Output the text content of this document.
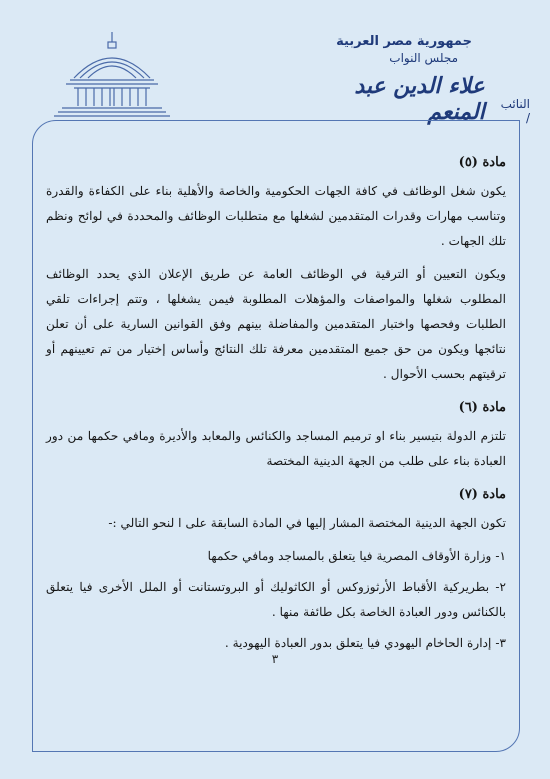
جمهورية مصر العربية
مجلس النواب
النائب /
علاء الدين عبد المنعم
مادة (٥)

يكون شغل الوظائف في كافة الجهات الحكومية والخاصة والأهلية بناء على الكفاءة والقدرة وتناسب مهارات وقدرات المتقدمين لشغلها مع متطلبات الوظائف والمحددة في لوائح ونظم تلك الجهات .

ويكون التعيين أو الترقية في الوظائف العامة عن طريق الإعلان الذي يحدد الوظائف المطلوب شغلها والمواصفات والمؤهلات المطلوبة فيمن يشغلها ، وتتم إجراءات تلقي الطلبات وفحصها واختبار المتقدمين والمفاضلة بينهم وفق القوانين السارية على أن تعلن نتائجها ويكون من حق جميع المتقدمين معرفة تلك النتائج وأساس إختيار من تم تعيينهم أو ترقيتهم بحسب الأحوال .

مادة (٦)

تلتزم الدولة بتيسير بناء او ترميم المساجد والكنائس والمعابد والأديرة ومافي حكمها من دور العبادة بناء على طلب من الجهة الدينية المختصة

مادة (٧)

تكون الجهة الدينية المختصة المشار إليها في المادة السابقة على ا لنحو التالي :-

١- وزارة الأوقاف المصرية فيا يتعلق بالمساجد ومافي حكمها

٢- بطريركية الأقباط الأرثوزوكس أو الكاثوليك أو البروتستانت أو الملل الأخرى فيا يتعلق بالكنائس ودور العبادة الخاصة بكل طائفة منها .

٣- إدارة الحاخام اليهودي فيا يتعلق بدور العبادة اليهودية .

٣
